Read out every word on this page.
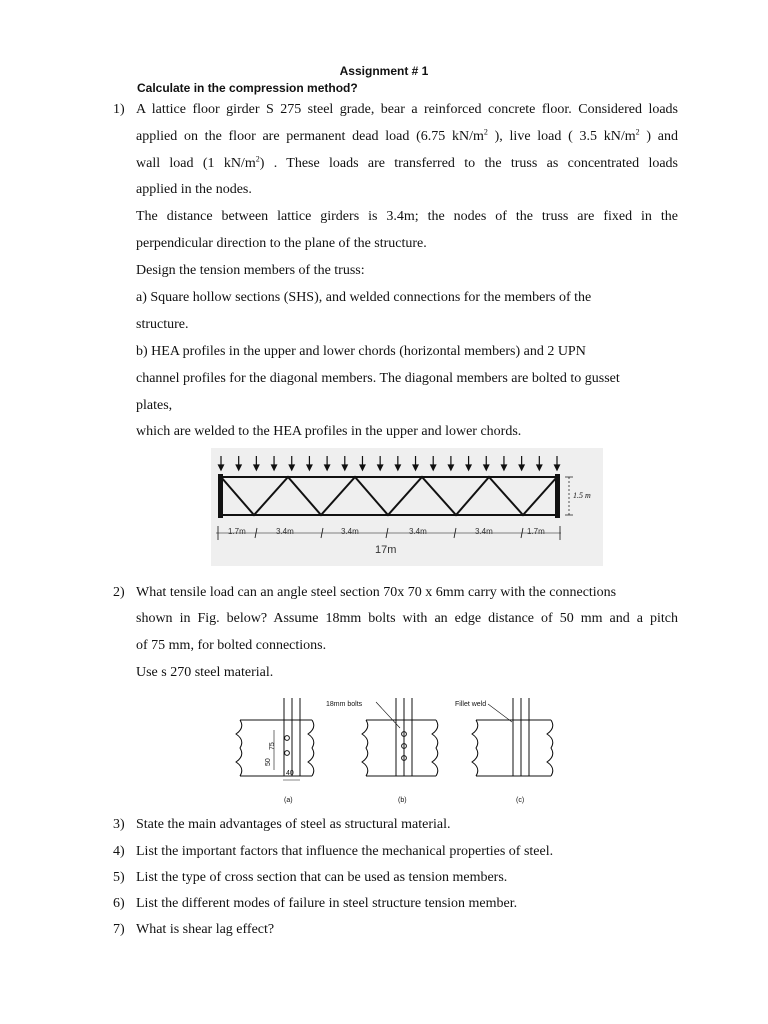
Assignment # 1
Calculate in the compression method?
1) A lattice floor girder S 275 steel grade, bear a reinforced concrete floor. Considered loads
applied on the floor are permanent dead load (6.75 $kN/m^2$ ), live load ( 3.5 $kN/m^2$ ) and
wall load (1 $kN/m^2$) . These loads are transferred to the truss as concentrated loads
applied in the nodes.
The distance between lattice girders is 3.4m; the nodes of the truss are fixed in the
perpendicular direction to the plane of the structure.
Design the tension members of the truss:
a) Square hollow sections (SHS), and welded connections for the members of the
structure.
b) HEA profiles in the upper and lower chords (horizontal members) and 2 UPN
channel profiles for the diagonal members. The diagonal members are bolted to gusset
plates,
which are welded to the HEA profiles in the upper and lower chords.
1.5 m
1.7m	3.4m	3.4m	3.4m	3.4m	1.7m
17m
2) What tensile load can an angle steel section 70x 70 x 6mm carry with the connections
shown in Fig. below? Assume 18mm bolts with an edge distance of 50 mm and a pitch
of 75 mm, for bolted connections.
Use s 270 steel material.
18mm bolts	Fillet weld
50
75
40
(a)	(b)	(c)
3) State the main advantages of steel as structural material.
4) List the important factors that influence the mechanical properties of steel.
5) List the type of cross section that can be used as tension members.
6) List the different modes of failure in steel structure tension member.
7) What is shear lag effect?
